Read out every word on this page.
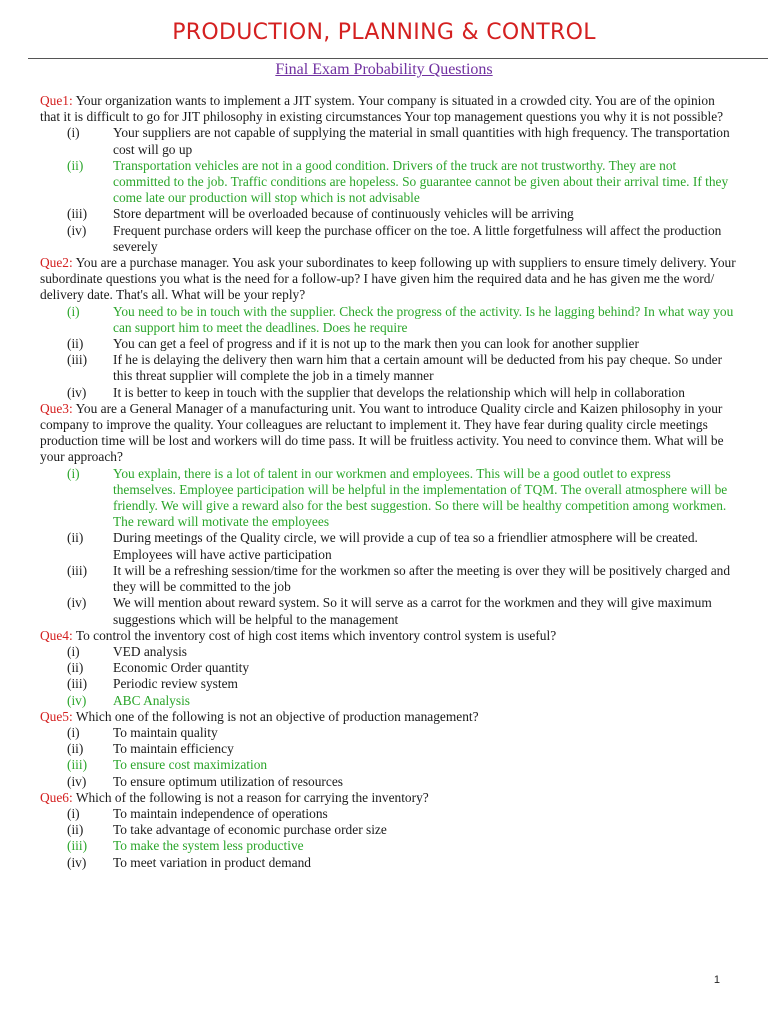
PRODUCTION, PLANNING & CONTROL
Final Exam Probability Questions

Que1: Your organization wants to implement a JIT system. Your company is situated in a crowded city. You are of the opinion that it is difficult to go for JIT philosophy in existing circumstances Your top management questions you why it is not possible?

(i)	Your suppliers are not capable of supplying the material in small quantities with high frequency. The transportation cost will go up
(ii)	Transportation vehicles are not in a good condition. Drivers of the truck are not trustworthy. They are not committed to the job. Traffic conditions are hopeless. So guarantee cannot be given about their arrival time. If they come late our production will stop which is not advisable
(iii)	Store department will be overloaded because of continuously vehicles will be arriving
(iv)	Frequent purchase orders will keep the purchase officer on the toe. A little forgetfulness will affect the production severely

Que2: You are a purchase manager. You ask your subordinates to keep following up with suppliers to ensure timely delivery. Your subordinate questions you what is the need for a follow-up? I have given him the required data and he has given me the word/ delivery date. That's all. What will be your reply?

(i)	You need to be in touch with the supplier. Check the progress of the activity. Is he lagging behind? In what way you can support him to meet the deadlines. Does he require
(ii)	You can get a feel of progress and if it is not up to the mark then you can look for another supplier
(iii)	If he is delaying the delivery then warn him that a certain amount will be deducted from his pay cheque. So under this threat supplier will complete the job in a timely manner
(iv)	It is better to keep in touch with the supplier that develops the relationship which will help in collaboration

Que3: You are a General Manager of a manufacturing unit. You want to introduce Quality circle and Kaizen philosophy in your company to improve the quality. Your colleagues are reluctant to implement it. They have fear during quality circle meetings production time will be lost and workers will do time pass. It will be fruitless activity. You need to convince them. What will be your approach?

(i)	You explain, there is a lot of talent in our workmen and employees. This will be a good outlet to express themselves. Employee participation will be helpful in the implementation of TQM. The overall atmosphere will be friendly. We will give a reward also for the best suggestion. So there will be healthy competition among workmen. The reward will motivate the employees
(ii)	During meetings of the Quality circle, we will provide a cup of tea so a friendlier atmosphere will be created. Employees will have active participation
(iii)	It will be a refreshing session/time for the workmen so after the meeting is over they will be positively charged and they will be committed to the job
(iv)	We will mention about reward system. So it will serve as a carrot for the workmen and they will give maximum suggestions which will be helpful to the management

Que4: To control the inventory cost of high cost items which inventory control system is useful?

(i)	VED analysis
(ii)	Economic Order quantity
(iii)	Periodic review system
(iv)	ABC Analysis

Que5: Which one of the following is not an objective of production management?

(i)	To maintain quality
(ii)	To maintain efficiency
(iii)	To ensure cost maximization
(iv)	To ensure optimum utilization of resources

Que6: Which of the following is not a reason for carrying the inventory?

(i)	To maintain independence of operations
(ii)	To take advantage of economic purchase order size
(iii)	To make the system less productive
(iv)	To meet variation in product demand
1
